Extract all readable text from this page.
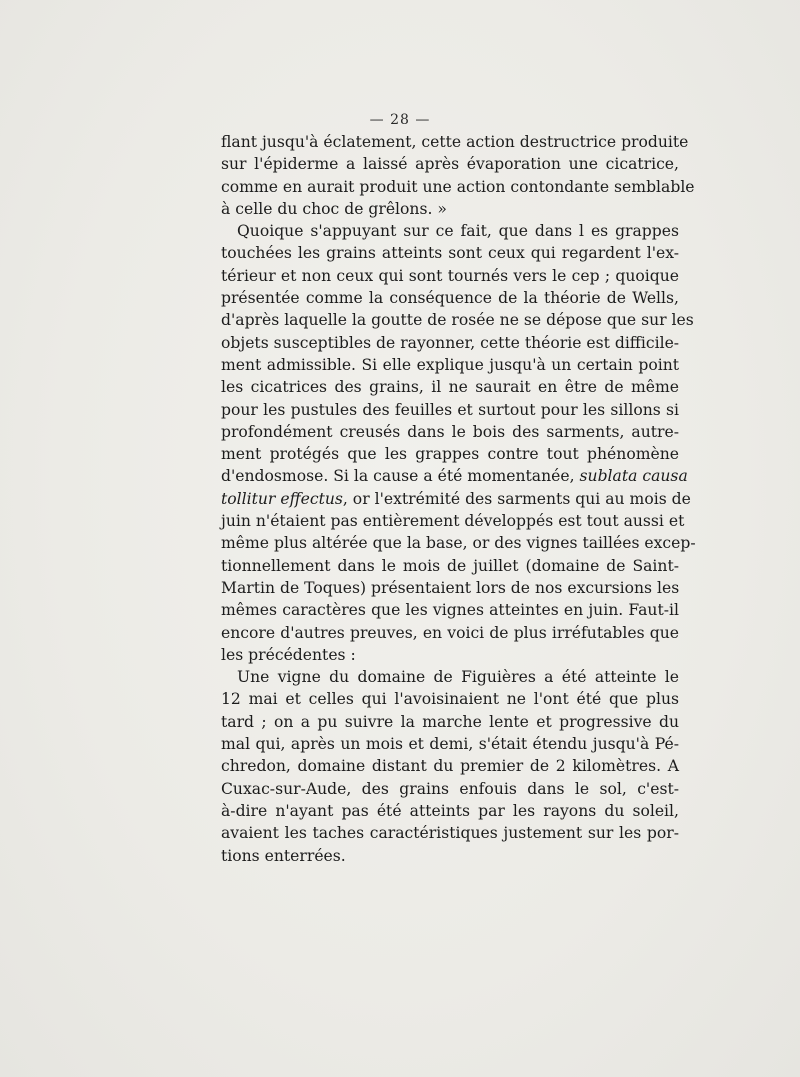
— 28 —
flant jusqu'à éclatement, cette action destructrice produite
sur l'épiderme a laissé après évaporation une cicatrice,
comme en aurait produit une action contondante semblable
à celle du choc de grêlons. »
Quoique s'appuyant sur ce fait, que dans l es grappes
touchées les grains atteints sont ceux qui regardent l'ex-
térieur et non ceux qui sont tournés vers le cep ; quoique
présentée comme la conséquence de la théorie de Wells,
d'après laquelle la goutte de rosée ne se dépose que sur les
objets susceptibles de rayonner, cette théorie est difficile-
ment admissible. Si elle explique jusqu'à un certain point
les cicatrices des grains, il ne saurait en être de même
pour les pustules des feuilles et surtout pour les sillons si
profondément creusés dans le bois des sarments, autre-
ment protégés que les grappes contre tout phénomène
d'endosmose. Si la cause a été momentanée, sublata causa
tollitur effectus, or l'extrémité des sarments qui au mois de
juin n'étaient pas entièrement développés est tout aussi et
même plus altérée que la base, or des vignes taillées excep-
tionnellement dans le mois de juillet (domaine de Saint-
Martin de Toques) présentaient lors de nos excursions les
mêmes caractères que les vignes atteintes en juin. Faut-il
encore d'autres preuves, en voici de plus irréfutables que
les précédentes :
Une vigne du domaine de Figuières a été atteinte le
12 mai et celles qui l'avoisinaient ne l'ont été que plus
tard ; on a pu suivre la marche lente et progressive du
mal qui, après un mois et demi, s'était étendu jusqu'à Pé-
chredon, domaine distant du premier de 2 kilomètres. A
Cuxac-sur-Aude, des grains enfouis dans le sol, c'est-
à-dire n'ayant pas été atteints par les rayons du soleil,
avaient les taches caractéristiques justement sur les por-
tions enterrées.
